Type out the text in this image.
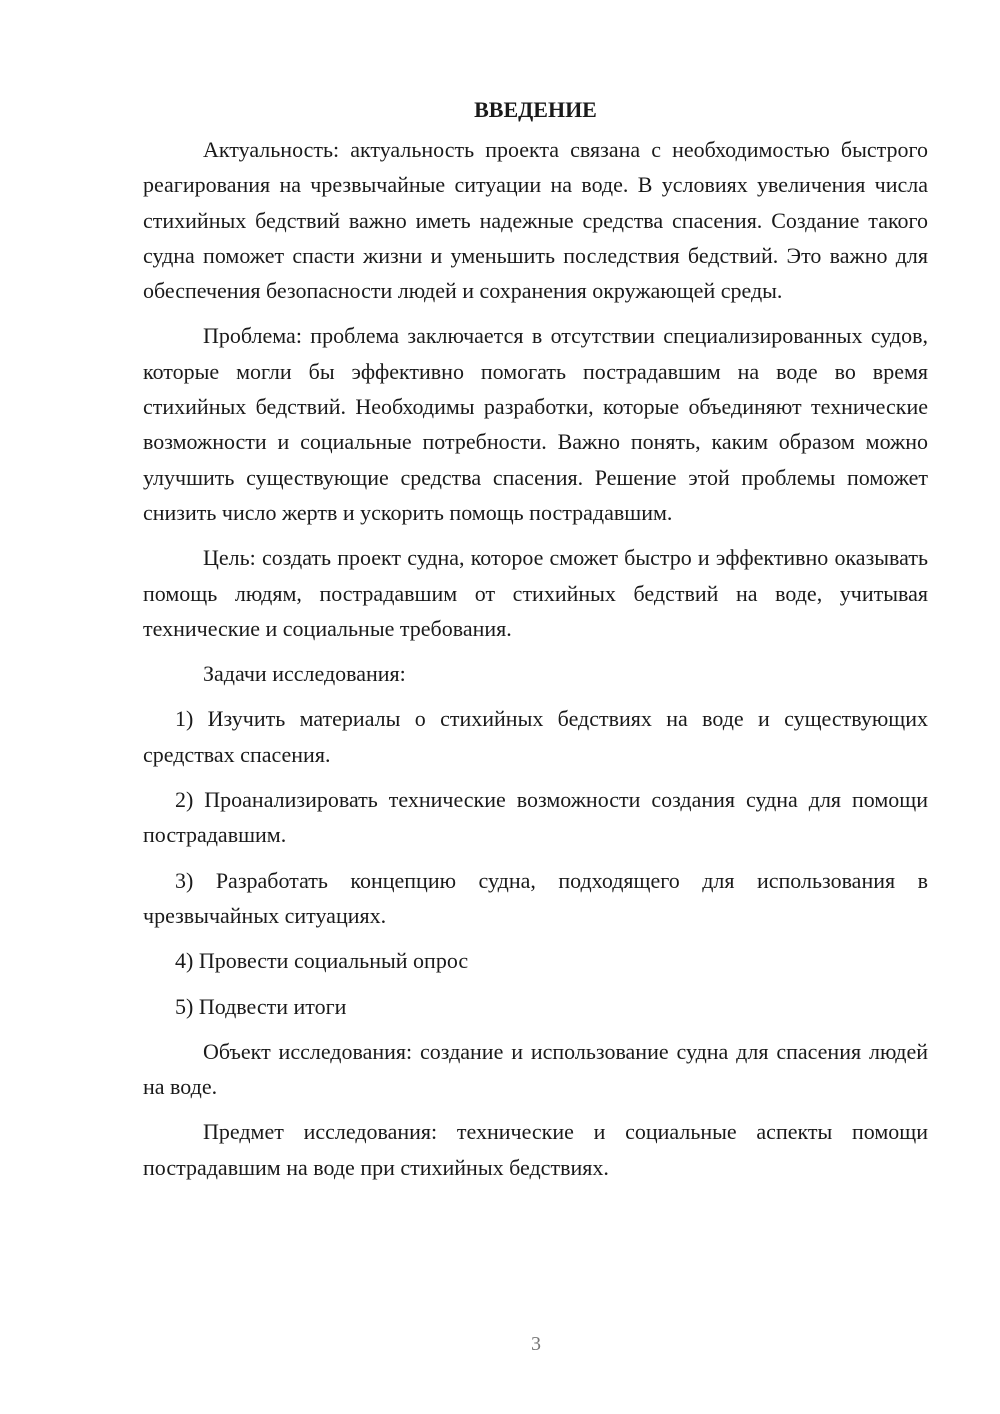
ВВЕДЕНИЕ

Актуальность: актуальность проекта связана с необходимостью быстрого реагирования на чрезвычайные ситуации на воде. В условиях увеличения числа стихийных бедствий важно иметь надежные средства спасения. Создание такого судна поможет спасти жизни и уменьшить последствия бедствий. Это важно для обеспечения безопасности людей и сохранения окружающей среды.

Проблема: проблема заключается в отсутствии специализированных судов, которые могли бы эффективно помогать пострадавшим на воде во время стихийных бедствий. Необходимы разработки, которые объединяют технические возможности и социальные потребности. Важно понять, каким образом можно улучшить существующие средства спасения. Решение этой проблемы поможет снизить число жертв и ускорить помощь пострадавшим.

Цель: создать проект судна, которое сможет быстро и эффективно оказывать помощь людям, пострадавшим от стихийных бедствий на воде, учитывая технические и социальные требования.

Задачи исследования:

1) Изучить материалы о стихийных бедствиях на воде и существующих средствах спасения.

2) Проанализировать технические возможности создания судна для помощи пострадавшим.

3) Разработать концепцию судна, подходящего для использования в чрезвычайных ситуациях.

4) Провести социальный опрос

5) Подвести итоги

Объект исследования: создание и использование судна для спасения людей на воде.

Предмет исследования: технические и социальные аспекты помощи пострадавшим на воде при стихийных бедствиях.

3
